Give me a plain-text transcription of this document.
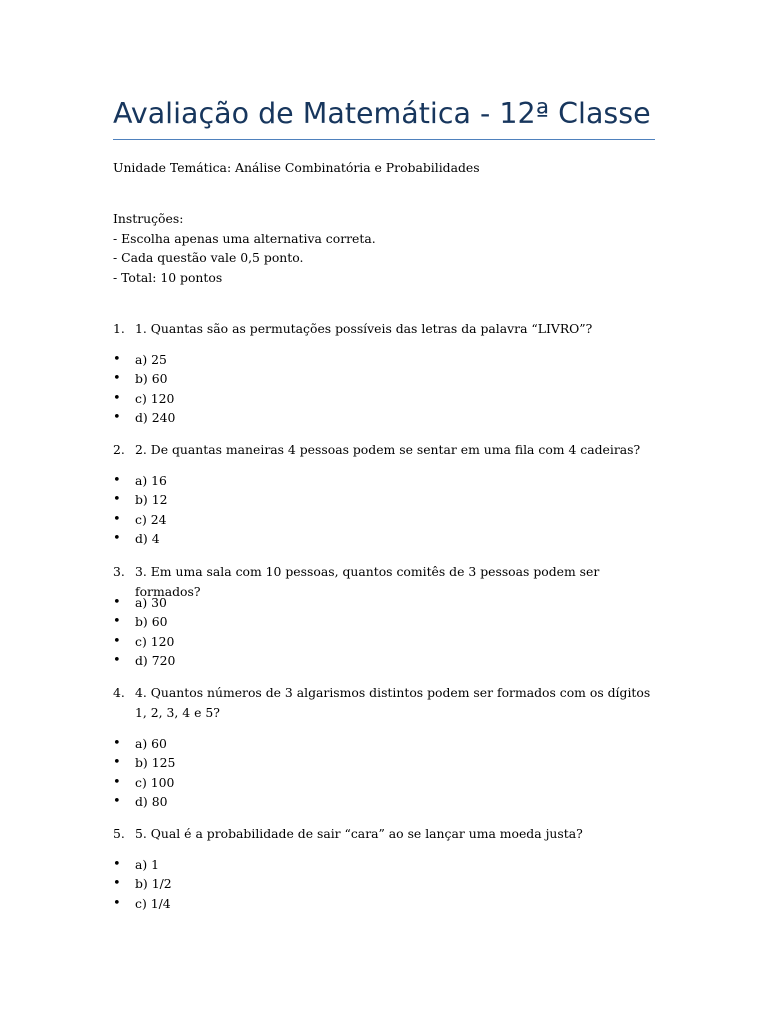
Avaliação de Matemática - 12ª Classe
Unidade Temática: Análise Combinatória e Probabilidades
Instruções:
- Escolha apenas uma alternativa correta.
- Cada questão vale 0,5 ponto.
- Total: 10 pontos
1. 1. Quantas são as permutações possíveis das letras da palavra “LIVRO”?
• a) 25
• b) 60
• c) 120
• d) 240
2. 2. De quantas maneiras 4 pessoas podem se sentar em uma fila com 4 cadeiras?
• a) 16
• b) 12
• c) 24
• d) 4
3. 3. Em uma sala com 10 pessoas, quantos comitês de 3 pessoas podem ser formados?
• a) 30
• b) 60
• c) 120
• d) 720
4. 4. Quantos números de 3 algarismos distintos podem ser formados com os dígitos 1, 2, 3, 4 e 5?
• a) 60
• b) 125
• c) 100
• d) 80
5. 5. Qual é a probabilidade de sair “cara” ao se lançar uma moeda justa?
• a) 1
• b) 1/2
• c) 1/4
